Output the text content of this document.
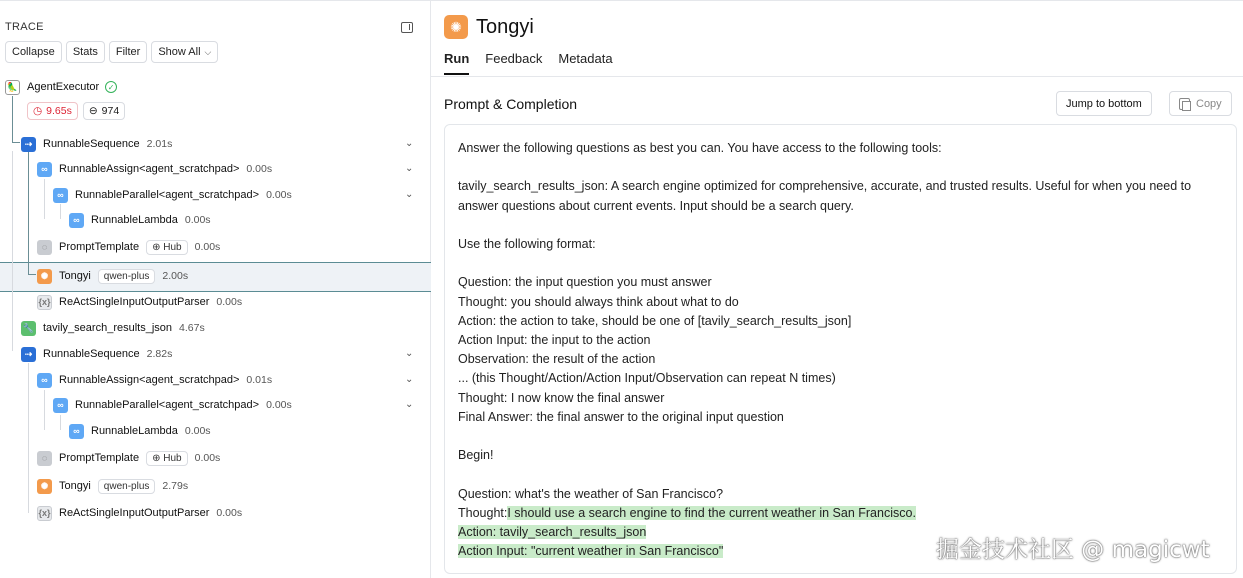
TRACE
Collapse	Stats	Filter	Show All ⌵
🦜 AgentExecutor	✓
◷ 9.65s ⊖ 974
⇢ RunnableSequence 2.01s	⌄
∞	RunnableAssign<agent_scratchpad> 0.00s	⌄
∞	RunnableParallel<agent_scratchpad> 0.00s	⌄
∞	RunnableLambda 0.00s
◌	PromptTemplate	⊕ Hub	0.00s
✺ Tongyi	qwen-plus	2.00s
{x} ReActSingleInputOutputParser 0.00s
🔧 tavily_search_results_json 4.67s
⇢ RunnableSequence 2.82s	⌄
∞	RunnableAssign<agent_scratchpad> 0.01s	⌄
∞	RunnableParallel<agent_scratchpad> 0.00s	⌄
∞	RunnableLambda 0.00s
◌	PromptTemplate	⊕ Hub	0.00s
✺ Tongyi	qwen-plus	2.79s
{x} ReActSingleInputOutputParser 0.00s
✺ Tongyi
Run Feedback Metadata
Prompt & Completion	Jump to bottom	Copy

Answer the following questions as best you can. You have access to the following tools:

tavily_search_results_json: A search engine optimized for comprehensive, accurate, and trusted results. Useful for when you need to answer questions about current events. Input should be a search query.

Use the following format:

Question: the input question you must answer

Thought: you should always think about what to do

Action: the action to take, should be one of [tavily_search_results_json]

Action Input: the input to the action

Observation: the result of the action

... (this Thought/Action/Action Input/Observation can repeat N times)

Thought: I now know the final answer

Final Answer: the final answer to the original input question

Begin!

Question: what's the weather of San Francisco?

Thought:I should use a search engine to find the current weather in San Francisco.

Action: tavily_search_results_json

Action Input: "current weather in San Francisco"	掘金技术社区 @ magicwt
